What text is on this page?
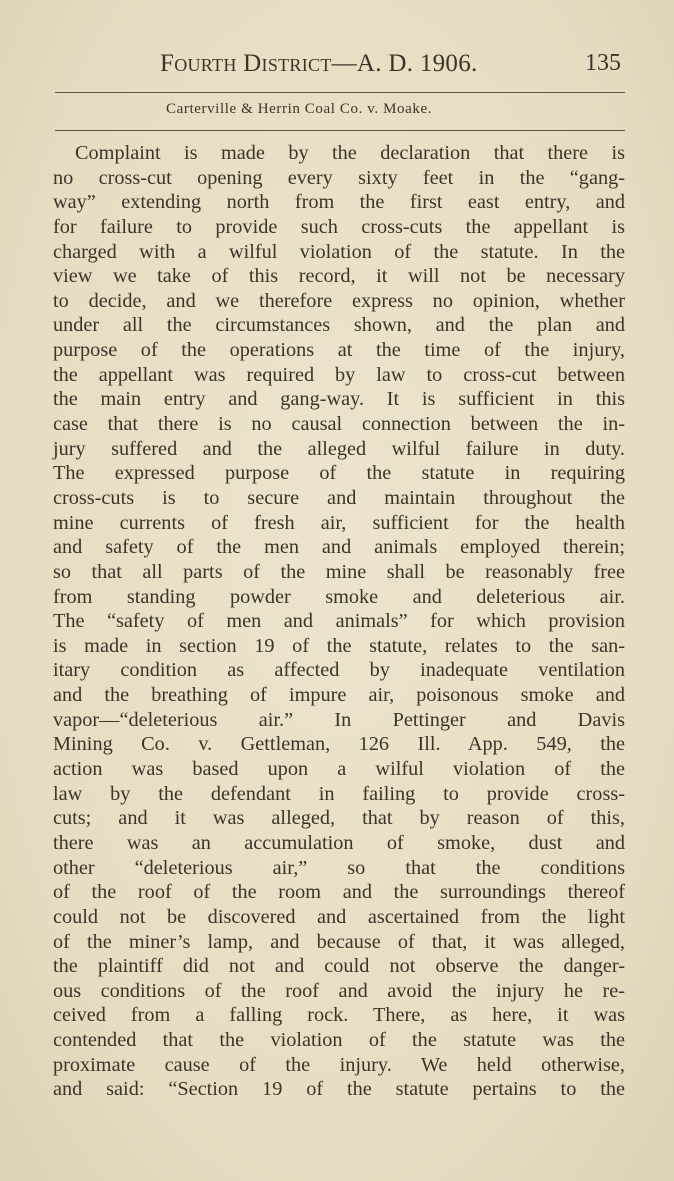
Fourth District—A. D. 1906.	135
Carterville & Herrin Coal Co. v. Moake.
Complaint is made by the declaration that there is
no cross-cut opening every sixty feet in the “gang-
way” extending north from the first east entry, and
for failure to provide such cross-cuts the appellant is
charged with a wilful violation of the statute. In the
view we take of this record, it will not be necessary
to decide, and we therefore express no opinion, whether
under all the circumstances shown, and the plan and
purpose of the operations at the time of the injury,
the appellant was required by law to cross-cut between
the main entry and gang-way. It is sufficient in this
case that there is no causal connection between the in-
jury suffered and the alleged wilful failure in duty.
The expressed purpose of the statute in requiring
cross-cuts is to secure and maintain throughout the
mine currents of fresh air, sufficient for the health
and safety of the men and animals employed therein;
so that all parts of the mine shall be reasonably free
from standing powder smoke and deleterious air.
The “safety of men and animals” for which provision
is made in section 19 of the statute, relates to the san-
itary condition as affected by inadequate ventilation
and the breathing of impure air, poisonous smoke and
vapor—“deleterious air.” In Pettinger and Davis
Mining Co. v. Gettleman, 126 Ill. App. 549, the
action was based upon a wilful violation of the
law by the defendant in failing to provide cross-
cuts; and it was alleged, that by reason of this,
there was an accumulation of smoke, dust and
other “deleterious air,” so that the conditions
of the roof of the room and the surroundings thereof
could not be discovered and ascertained from the light
of the miner’s lamp, and because of that, it was alleged,
the plaintiff did not and could not observe the danger-
ous conditions of the roof and avoid the injury he re-
ceived from a falling rock. There, as here, it was
contended that the violation of the statute was the
proximate cause of the injury. We held otherwise,
and said: “Section 19 of the statute pertains to the
